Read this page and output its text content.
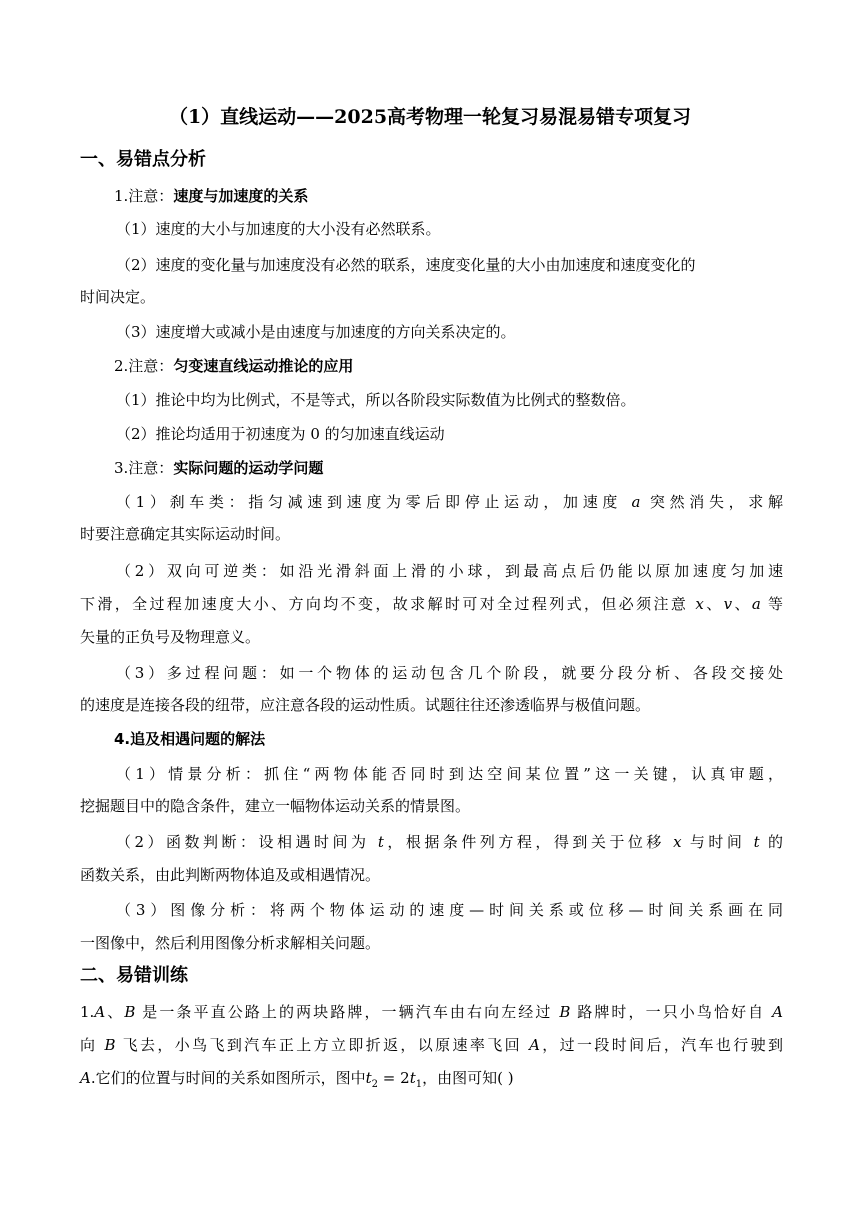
（1）直线运动——2025高考物理一轮复习易混易错专项复习
一、易错点分析
1.注意：速度与加速度的关系
（1）速度的大小与加速度的大小没有必然联系。
（2）速度的变化量与加速度没有必然的联系，速度变化量的大小由加速度和速度变化的
时间决定。
（3）速度增大或减小是由速度与加速度的方向关系决定的。
2.注意：匀变速直线运动推论的应用
（1）推论中均为比例式，不是等式，所以各阶段实际数值为比例式的整数倍。
（2）推论均适用于初速度为 0 的匀加速直线运动
3.注意：实际问题的运动学问题
（1）刹车类：指匀减速到速度为零后即停止运动，加速度 a 突然消失，求解
时要注意确定其实际运动时间。
（2）双向可逆类：如沿光滑斜面上滑的小球，到最高点后仍能以原加速度匀加速
下滑，全过程加速度大小、方向均不变，故求解时可对全过程列式，但必须注意 x、v、a 等
矢量的正负号及物理意义。
（3）多过程问题：如一个物体的运动包含几个阶段，就要分段分析、各段交接处
的速度是连接各段的纽带，应注意各段的运动性质。试题往往还渗透临界与极值问题。
4.追及相遇问题的解法
（1）情景分析：抓住“两物体能否同时到达空间某位置”这一关键，认真审题，
挖掘题目中的隐含条件，建立一幅物体运动关系的情景图。
（2）函数判断：设相遇时间为 t，根据条件列方程，得到关于位移 x 与时间 t 的
函数关系，由此判断两物体追及或相遇情况。
（3）图像分析：将两个物体运动的速度—时间关系或位移—时间关系画在同
一图像中，然后利用图像分析求解相关问题。
二、易错训练
1.A、B 是一条平直公路上的两块路牌，一辆汽车由右向左经过 B 路牌时，一只小鸟恰好自 A
向 B 飞去，小鸟飞到汽车正上方立即折返，以原速率飞回 A，过一段时间后，汽车也行驶到
A.它们的位置与时间的关系如图所示，图中$t_2 = 2t_1$，由图可知( )
